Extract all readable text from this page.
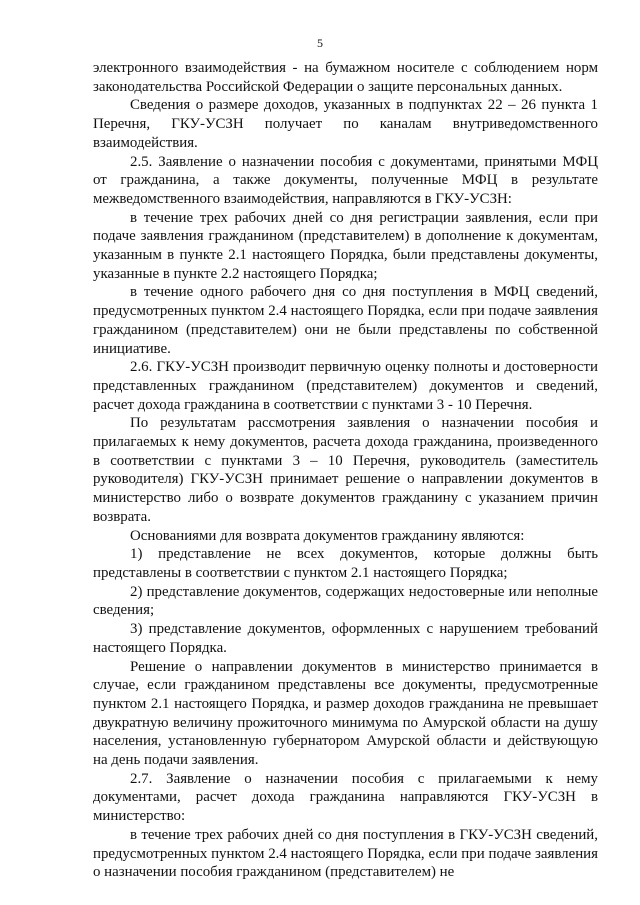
5

электронного взаимодействия - на бумажном носителе с соблюдением норм законодательства Российской Федерации о защите персональных данных.

Сведения о размере доходов, указанных в подпунктах 22 – 26 пункта 1 Перечня, ГКУ-УСЗН получает по каналам внутриведомственного взаимодействия.

2.5. Заявление о назначении пособия с документами, принятыми МФЦ от гражданина, а также документы, полученные МФЦ в результате межведомственного взаимодействия, направляются в ГКУ-УСЗН:

в течение трех рабочих дней со дня регистрации заявления, если при подаче заявления гражданином (представителем) в дополнение к документам, указанным в пункте 2.1 настоящего Порядка, были представлены документы, указанные в пункте 2.2 настоящего Порядка;

в течение одного рабочего дня со дня поступления в МФЦ сведений, предусмотренных пунктом 2.4 настоящего Порядка, если при подаче заявления гражданином (представителем) они не были представлены по собственной инициативе.

2.6. ГКУ-УСЗН производит первичную оценку полноты и достоверности представленных гражданином (представителем) документов и сведений, расчет дохода гражданина в соответствии с пунктами 3 - 10 Перечня.

По результатам рассмотрения заявления о назначении пособия и прилагаемых к нему документов, расчета дохода гражданина, произведенного в соответствии с пунктами 3 – 10 Перечня, руководитель (заместитель руководителя) ГКУ-УСЗН принимает решение о направлении документов в министерство либо о возврате документов гражданину с указанием причин возврата.

Основаниями для возврата документов гражданину являются:

1) представление не всех документов, которые должны быть представлены в соответствии с пунктом 2.1 настоящего Порядка;

2) представление документов, содержащих недостоверные или неполные сведения;

3) представление документов, оформленных с нарушением требований настоящего Порядка.

Решение о направлении документов в министерство принимается в случае, если гражданином представлены все документы, предусмотренные пунктом 2.1 настоящего Порядка, и размер доходов гражданина не превышает двукратную величину прожиточного минимума по Амурской области на душу населения, установленную губернатором Амурской области и действующую на день подачи заявления.

2.7. Заявление о назначении пособия с прилагаемыми к нему документами, расчет дохода гражданина направляются ГКУ-УСЗН в министерство:

в течение трех рабочих дней со дня поступления в ГКУ-УСЗН сведений, предусмотренных пунктом 2.4 настоящего Порядка, если при подаче заявления о назначении пособия гражданином (представителем) не
